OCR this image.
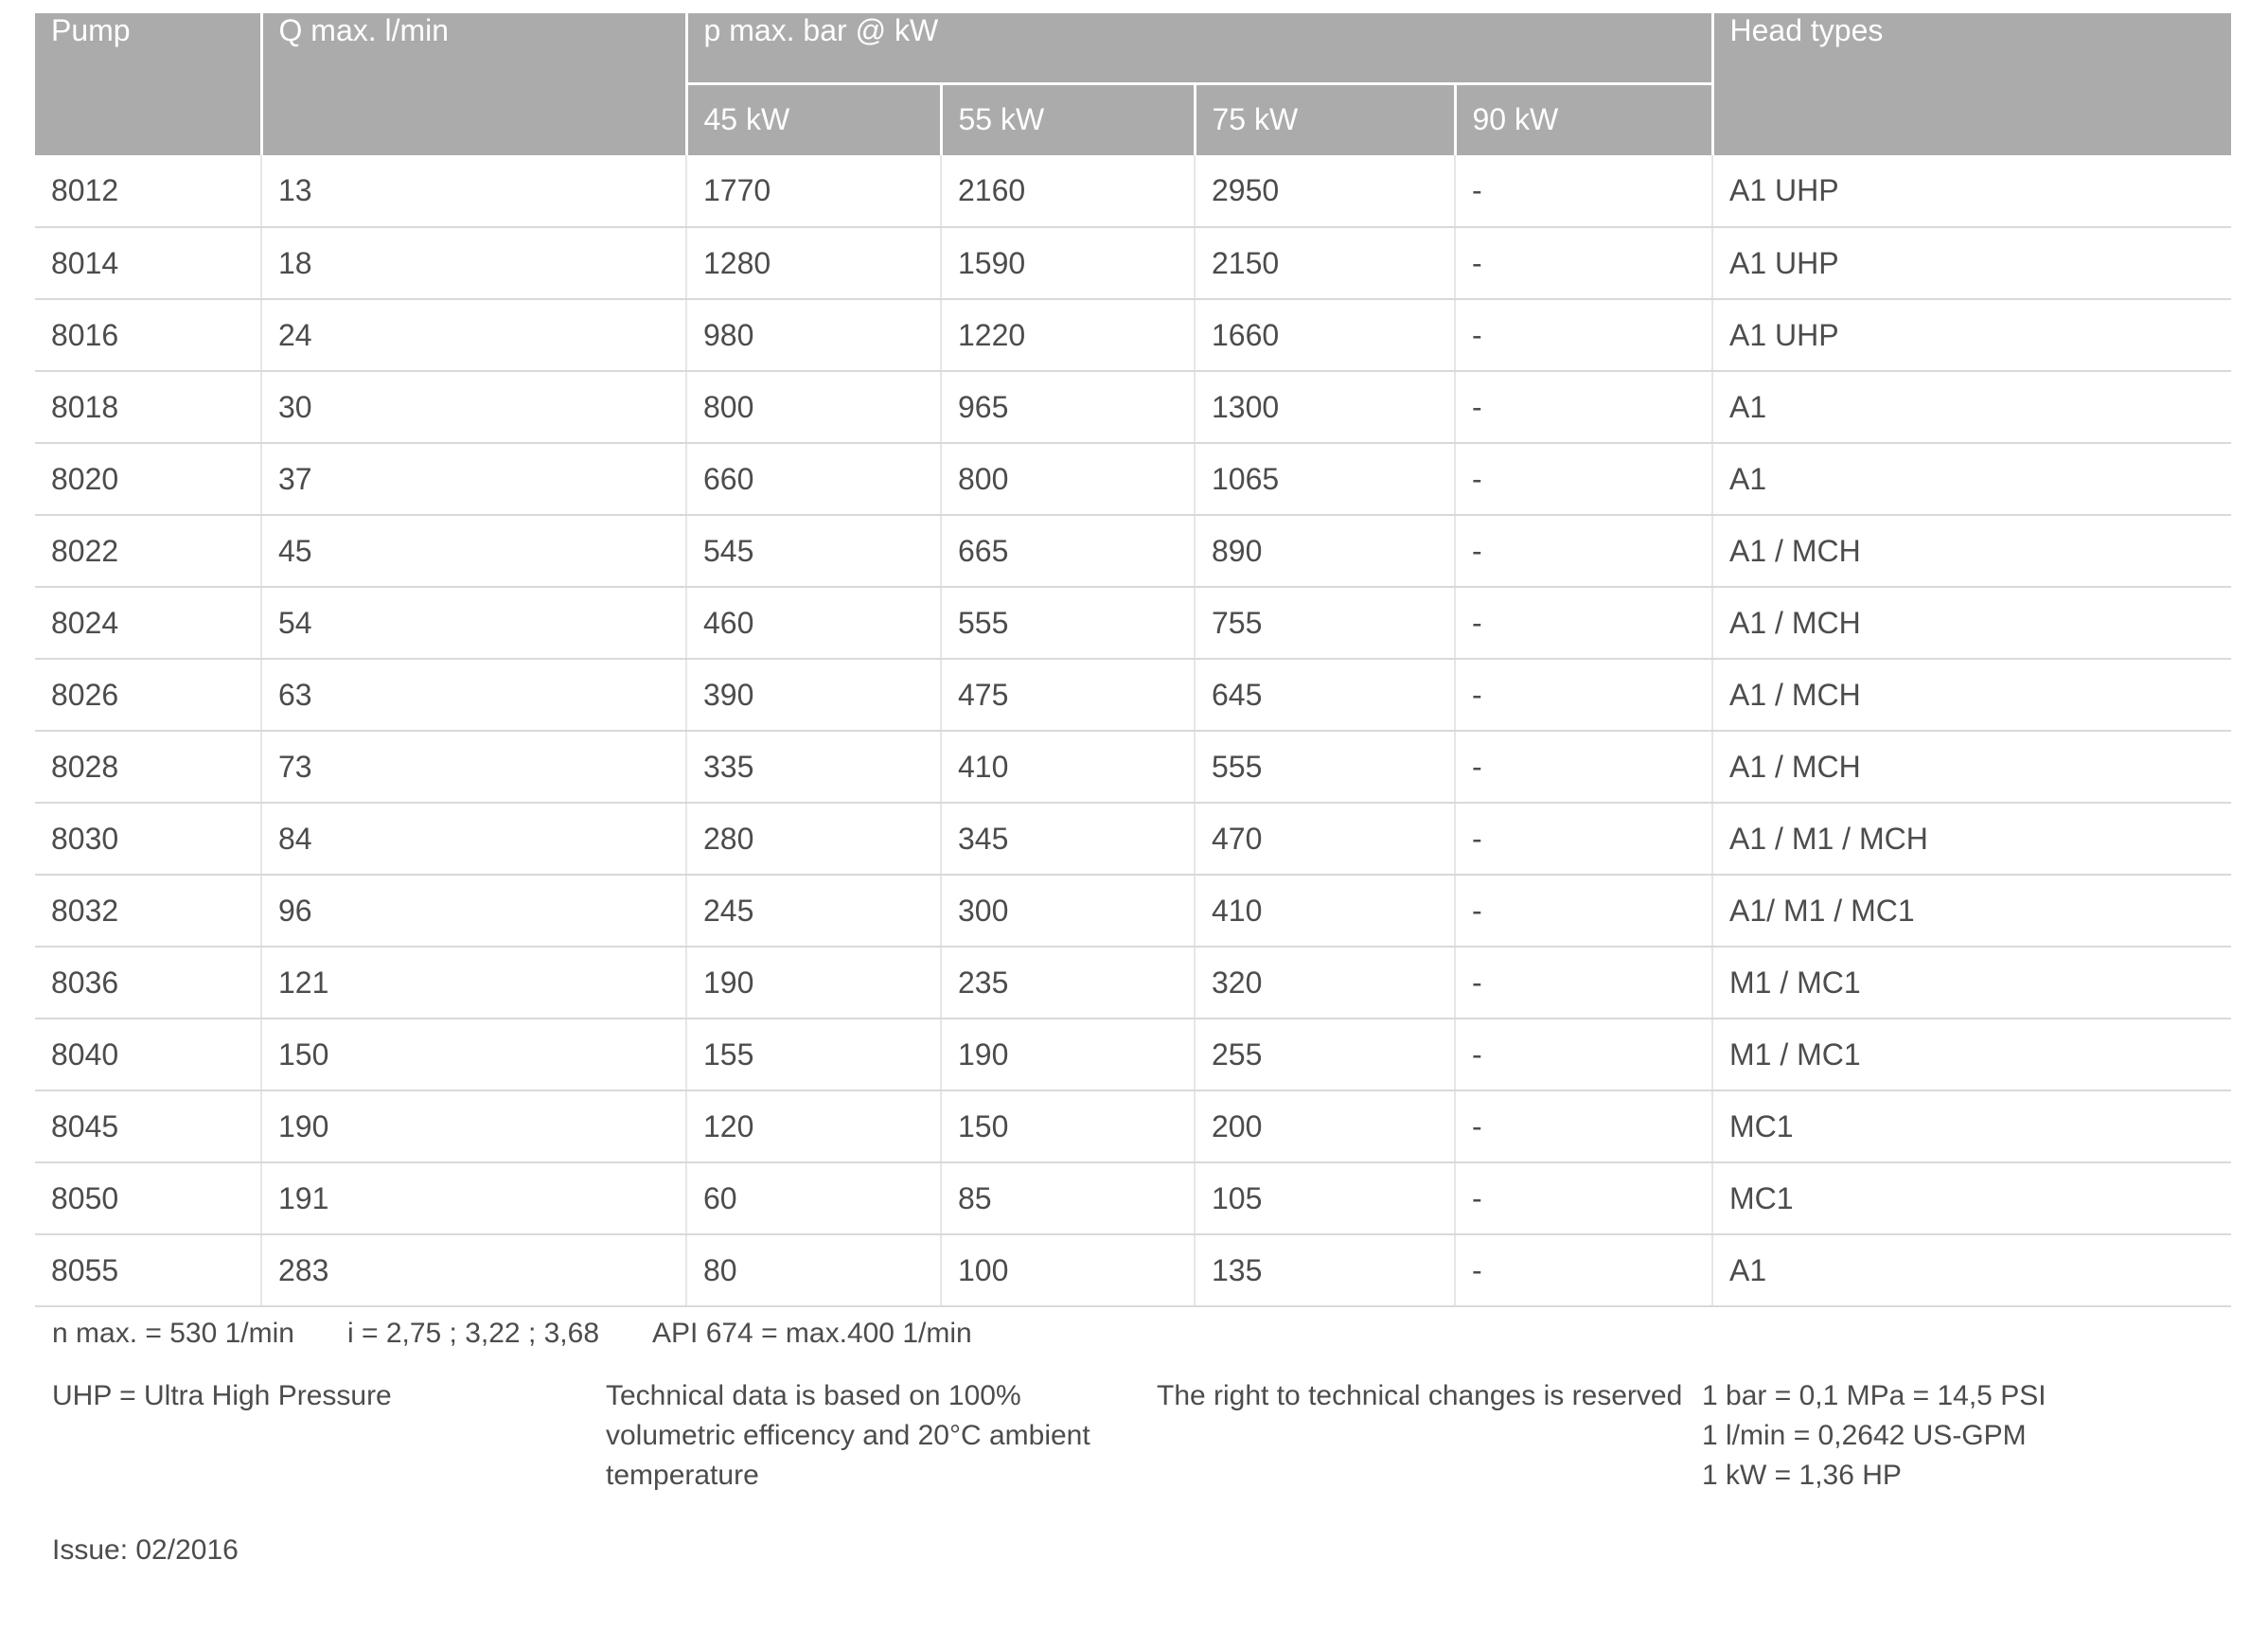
Pump	Q max. l/min	p max. bar @ kW				Head types
		45 kW	55 kW	75 kW	90 kW	
8012	13	1770	2160	2950	-	A1 UHP
8014	18	1280	1590	2150	-	A1 UHP
8016	24	980	1220	1660	-	A1 UHP
8018	30	800	965	1300	-	A1
8020	37	660	800	1065	-	A1
8022	45	545	665	890	-	A1 / MCH
8024	54	460	555	755	-	A1 / MCH
8026	63	390	475	645	-	A1 / MCH
8028	73	335	410	555	-	A1 / MCH
8030	84	280	345	470	-	A1 / M1 / MCH
8032	96	245	300	410	-	A1/ M1 / MC1
8036	121	190	235	320	-	M1 / MC1
8040	150	155	190	255	-	M1 / MC1
8045	190	120	150	200	-	MC1
8050	191	60	85	105	-	MC1
8055	283	80	100	135	-	A1
n max. = 530 1/min i = 2,75 ; 3,22 ; 3,68 API 674 = max.400 1/min
UHP = Ultra High Pressure	Technical data is based on 100% volumetric efficency and 20°C ambient temperature
The right to technical changes is reserved 1 bar = 0,1 MPa = 14,5 PSI
1 l/min = 0,2642 US-GPM
1 kW = 1,36 HP
Issue: 02/2016
